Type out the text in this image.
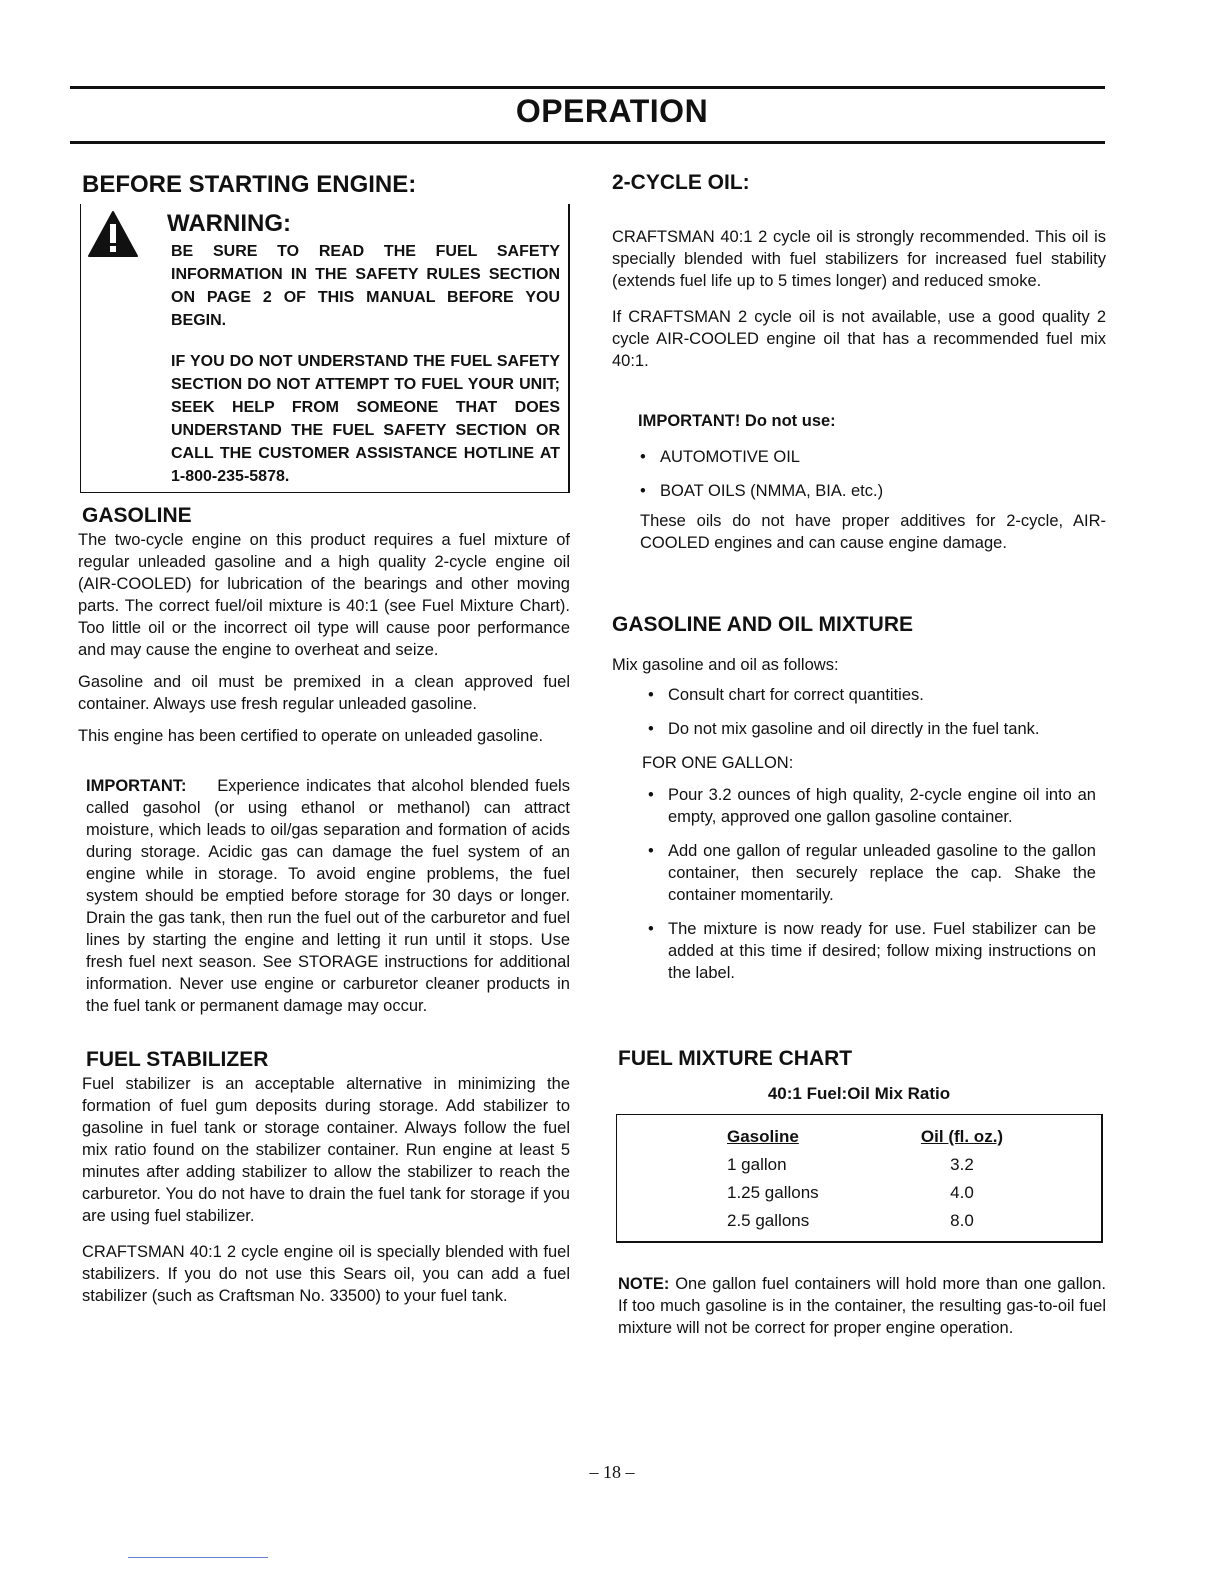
OPERATION
BEFORE STARTING ENGINE:
WARNING:

BE SURE TO READ THE FUEL SAFETY INFORMATION IN THE SAFETY RULES SECTION ON PAGE 2 OF THIS MANUAL BEFORE YOU BEGIN.

IF YOU DO NOT UNDERSTAND THE FUEL SAFETY SECTION DO NOT ATTEMPT TO FUEL YOUR UNIT; SEEK HELP FROM SOMEONE THAT DOES UNDERSTAND THE FUEL SAFETY SECTION OR CALL THE CUSTOMER ASSISTANCE HOTLINE AT 1-800-235-5878.

GASOLINE

The two-cycle engine on this product requires a fuel mixture of regular unleaded gasoline and a high quality 2-cycle engine oil (AIR-COOLED) for lubrication of the bearings and other moving parts. The correct fuel/oil mixture is 40:1 (see Fuel Mixture Chart). Too little oil or the incorrect oil type will cause poor performance and may cause the engine to overheat and seize.

Gasoline and oil must be premixed in a clean approved fuel container. Always use fresh regular unleaded gasoline.

This engine has been certified to operate on unleaded gasoline.

IMPORTANT: Experience indicates that alcohol blended fuels called gasohol (or using ethanol or methanol) can attract moisture, which leads to oil/gas separation and formation of acids during storage. Acidic gas can damage the fuel system of an engine while in storage. To avoid engine problems, the fuel system should be emptied before storage for 30 days or longer. Drain the gas tank, then run the fuel out of the carburetor and fuel lines by starting the engine and letting it run until it stops. Use fresh fuel next season. See STORAGE instructions for additional information. Never use engine or carburetor cleaner products in the fuel tank or permanent damage may occur.

FUEL STABILIZER

Fuel stabilizer is an acceptable alternative in minimizing the formation of fuel gum deposits during storage. Add stabilizer to gasoline in fuel tank or storage container. Always follow the fuel mix ratio found on the stabilizer container. Run engine at least 5 minutes after adding stabilizer to allow the stabilizer to reach the carburetor. You do not have to drain the fuel tank for storage if you are using fuel stabilizer.

CRAFTSMAN 40:1 2 cycle engine oil is specially blended with fuel stabilizers. If you do not use this Sears oil, you can add a fuel stabilizer (such as Craftsman No. 33500) to your fuel tank.

2-CYCLE OIL:

CRAFTSMAN 40:1 2 cycle oil is strongly recommended. This oil is specially blended with fuel stabilizers for increased fuel stability (extends fuel life up to 5 times longer) and reduced smoke.

If CRAFTSMAN 2 cycle oil is not available, use a good quality 2 cycle AIR-COOLED engine oil that has a recommended fuel mix 40:1.

IMPORTANT! Do not use:

• AUTOMOTIVE OIL
• BOAT OILS (NMMA, BIA. etc.)

These oils do not have proper additives for 2-cycle, AIR-COOLED engines and can cause engine damage.

GASOLINE AND OIL MIXTURE

Mix gasoline and oil as follows:

• Consult chart for correct quantities.
• Do not mix gasoline and oil directly in the fuel tank.

FOR ONE GALLON:

• Pour 3.2 ounces of high quality, 2-cycle engine oil into an empty, approved one gallon gasoline container.
• Add one gallon of regular unleaded gasoline to the gallon container, then securely replace the cap. Shake the container momentarily.
• The mixture is now ready for use. Fuel stabilizer can be added at this time if desired; follow mixing instructions on the label.
FUEL MIXTURE CHART
40:1 Fuel:Oil Mix Ratio
Gasoline	Oil (fl. oz.)
1 gallon	3.2
1.25 gallons	4.0
2.5 gallons	8.0

NOTE: One gallon fuel containers will hold more than one gallon. If too much gasoline is in the container, the resulting gas-to-oil fuel mixture will not be correct for proper engine operation.

– 18 –
